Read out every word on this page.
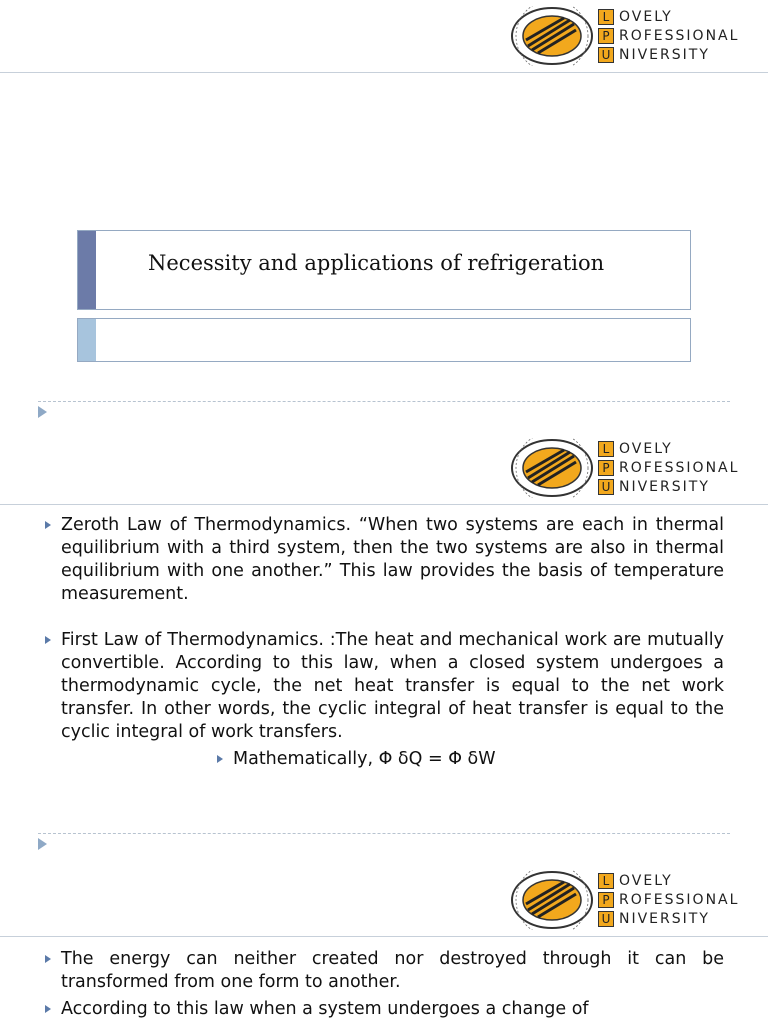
L OVELY
P ROFESSIONAL
U NIVERSITY
Necessity and applications of refrigeration
L OVELY
P ROFESSIONAL
U NIVERSITY
Zeroth Law of Thermodynamics. “When two systems are each in thermal equilibrium with a third system, then the two systems are also in thermal equilibrium with one another.” This law provides the basis of temperature measurement.
First Law of Thermodynamics. :The heat and mechanical work are mutually convertible. According to this law, when a closed system undergoes a thermodynamic cycle, the net heat transfer is equal to the net work transfer. In other words, the cyclic integral of heat transfer is equal to the cyclic integral of work transfers.
Mathematically, Φ δQ = Φ δW
L OVELY
P ROFESSIONAL
U NIVERSITY
The energy can neither created nor destroyed through it can be transformed from one form to another.
According to this law when a system undergoes a change of
